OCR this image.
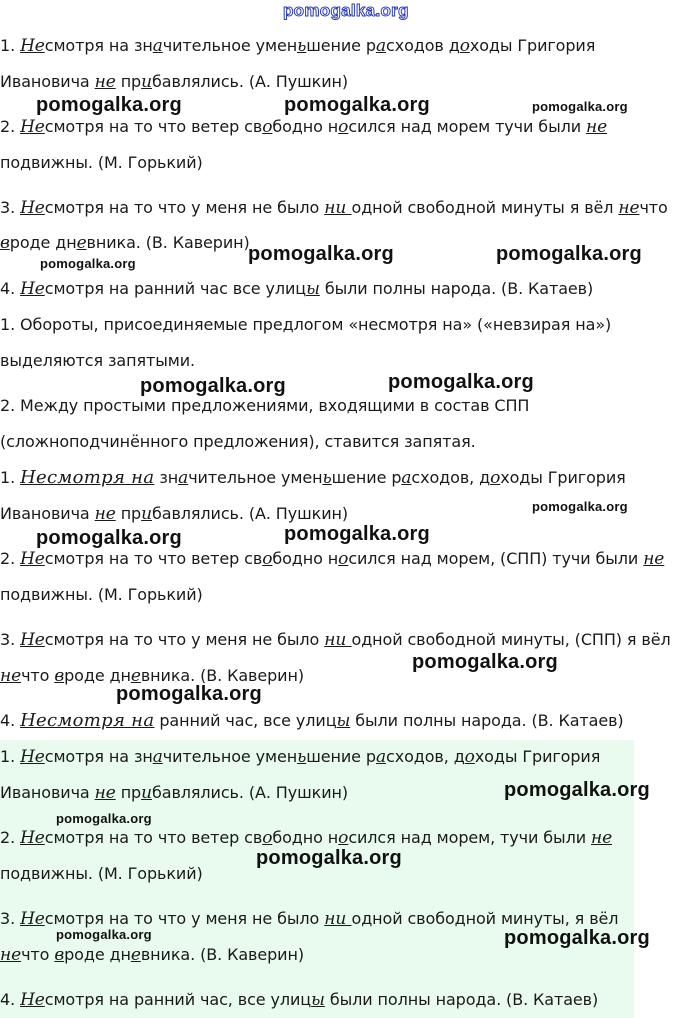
pomogalka.org
1. Несмотря на значительное уменьшение расходов доходы Григория
Ивановича не прибавлялись. (А. Пушкин)
2. Несмотря на то что ветер свободно носился над морем тучи были не
подвижны. (М. Горький)
3. Несмотря на то что у меня не было ни одной свободной минуты я вёл нечто
вроде дневника. (В. Каверин)
4. Несмотря на ранний час все улицы были полны народа. (В. Катаев)
1. Обороты, присоединяемые предлогом «несмотря на» («невзирая на»)
выделяются запятыми.
2. Между простыми предложениями, входящими в состав СПП
(сложноподчинённого предложения), ставится запятая.
1. Несмотря на значительное уменьшение расходов, доходы Григория
Ивановича не прибавлялись. (А. Пушкин)
2. Несмотря на то что ветер свободно носился над морем, (СПП) тучи были не
подвижны. (М. Горький)
3. Несмотря на то что у меня не было ни одной свободной минуты, (СПП) я вёл
нечто вроде дневника. (В. Каверин)
4. Несмотря на ранний час, все улицы были полны народа. (В. Катаев)
1. Несмотря на значительное уменьшение расходов, доходы Григория
Ивановича не прибавлялись. (А. Пушкин)
2. Несмотря на то что ветер свободно носился над морем, тучи были не
подвижны. (М. Горький)
3. Несмотря на то что у меня не было ни одной свободной минуты, я вёл
нечто вроде дневника. (В. Каверин)
4. Несмотря на ранний час, все улицы были полны народа. (В. Катаев)
pomogalka.org	pomogalka.org	pomogalka.org
pomogalka.org	pomogalka.org
pomogalka.org
pomogalka.org	pomogalka.org
pomogalka.org
pomogalka.org	pomogalka.org
pomogalka.org
pomogalka.org
pomogalka.org
pomogalka.org
pomogalka.org
pomogalka.org	pomogalka.org
